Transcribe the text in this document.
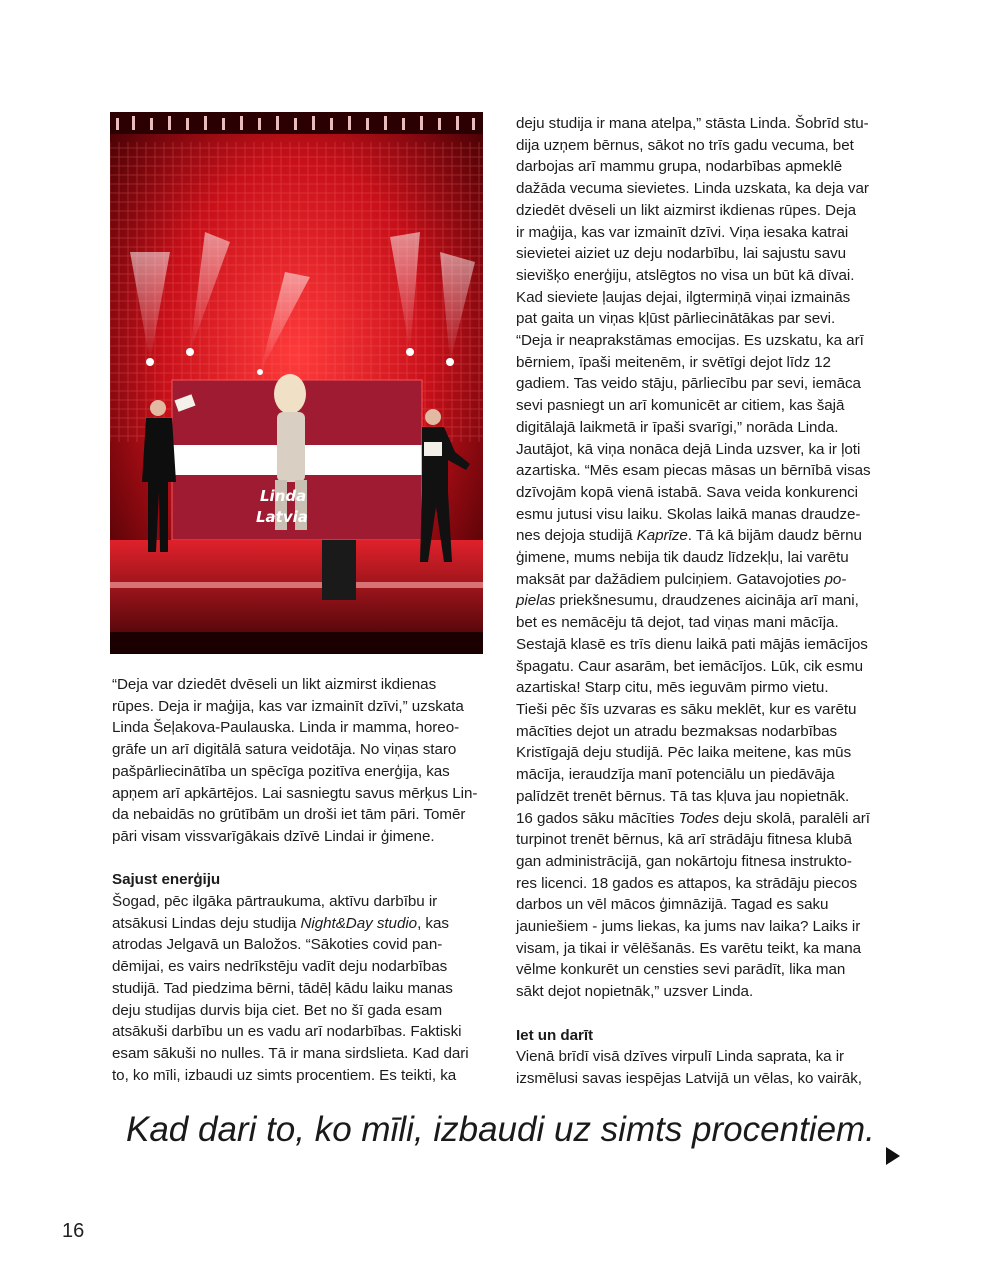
Linda
Latvia

“Deja var dziedēt dvēseli un likt aizmirst ikdienas
rūpes. Deja ir maģija, kas var izmainīt dzīvi,” uzskata
Linda Šeļakova-Paulauska. Linda ir mamma, horeo-
grāfe un arī digitālā satura veidotāja. No viņas staro
pašpārliecinātība un spēcīga pozitīva enerģija, kas
apņem arī apkārtējos. Lai sasniegtu savus mērķus Lin-
da nebaidās no grūtībām un droši iet tām pāri. Tomēr
pāri visam vissvarīgākais dzīvē Lindai ir ģimene.

Sajust enerģiju

Šogad, pēc ilgāka pārtraukuma, aktīvu darbību ir
atsākusi Lindas deju studija Night&Day studio, kas
atrodas Jelgavā un Baložos. “Sākoties covid pan-
dēmijai, es vairs nedrīkstēju vadīt deju nodarbības
studijā. Tad piedzima bērni, tādēļ kādu laiku manas
deju studijas durvis bija ciet. Bet no šī gada esam
atsākuši darbību un es vadu arī nodarbības. Faktiski
esam sākuši no nulles. Tā ir mana sirdslieta. Kad dari
to, ko mīli, izbaudi uz simts procentiem. Es teikti, ka

deju studija ir mana atelpa,” stāsta Linda. Šobrīd stu-
dija uzņem bērnus, sākot no trīs gadu vecuma, bet
darbojas arī mammu grupa, nodarbības apmeklē
dažāda vecuma sievietes. Linda uzskata, ka deja var
dziedēt dvēseli un likt aizmirst ikdienas rūpes. Deja
ir maģija, kas var izmainīt dzīvi. Viņa iesaka katrai
sievietei aiziet uz deju nodarbību, lai sajustu savu
sievišķo enerģiju, atslēgtos no visa un būt kā dīvai.
Kad sieviete ļaujas dejai, ilgtermiņā viņai izmainās
pat gaita un viņas kļūst pārliecinātākas par sevi.
“Deja ir neaprakstāmas emocijas. Es uzskatu, ka arī
bērniem, īpaši meitenēm, ir svētīgi dejot līdz 12
gadiem. Tas veido stāju, pārliecību par sevi, iemāca
sevi pasniegt un arī komunicēt ar citiem, kas šajā
digitālajā laikmetā ir īpaši svarīgi,” norāda Linda.
Jautājot, kā viņa nonāca dejā Linda uzsver, ka ir ļoti
azartiska. “Mēs esam piecas māsas un bērnībā visas
dzīvojām kopā vienā istabā. Sava veida konkurenci
esmu jutusi visu laiku. Skolas laikā manas draudze-
nes dejoja studijā Kaprīze. Tā kā bijām daudz bērnu
ģimene, mums nebija tik daudz līdzekļu, lai varētu
maksāt par dažādiem pulciņiem. Gatavojoties po-
pielas priekšnesumu, draudzenes aicināja arī mani,
bet es nemācēju tā dejot, tad viņas mani mācīja.
Sestajā klasē es trīs dienu laikā pati mājās iemācījos
špagatu. Caur asarām, bet iemācījos. Lūk, cik esmu
azartiska! Starp citu, mēs ieguvām pirmo vietu.
Tieši pēc šīs uzvaras es sāku meklēt, kur es varētu
mācīties dejot un atradu bezmaksas nodarbības
Kristīgajā deju studijā. Pēc laika meitene, kas mūs
mācīja, ieraudzīja manī potenciālu un piedāvāja
palīdzēt trenēt bērnus. Tā tas kļuva jau nopietnāk.
16 gados sāku mācīties Todes deju skolā, paralēli arī
turpinot trenēt bērnus, kā arī strādāju fitnesa klubā
gan administrācijā, gan nokārtoju fitnesa instrukto-
res licenci. 18 gados es attapos, ka strādāju piecos
darbos un vēl mācos ģimnāzijā. Tagad es saku
jauniešiem - jums liekas, ka jums nav laika? Laiks ir
visam, ja tikai ir vēlēšanās. Es varētu teikt, ka mana
vēlme konkurēt un censties sevi parādīt, lika man
sākt dejot nopietnāk,” uzsver Linda.

Iet un darīt

Vienā brīdī visā dzīves virpulī Linda saprata, ka ir
izsmēlusi savas iespējas Latvijā un vēlas, ko vairāk,

Kad dari to, ko mīli, izbaudi uz simts procentiem.
16
